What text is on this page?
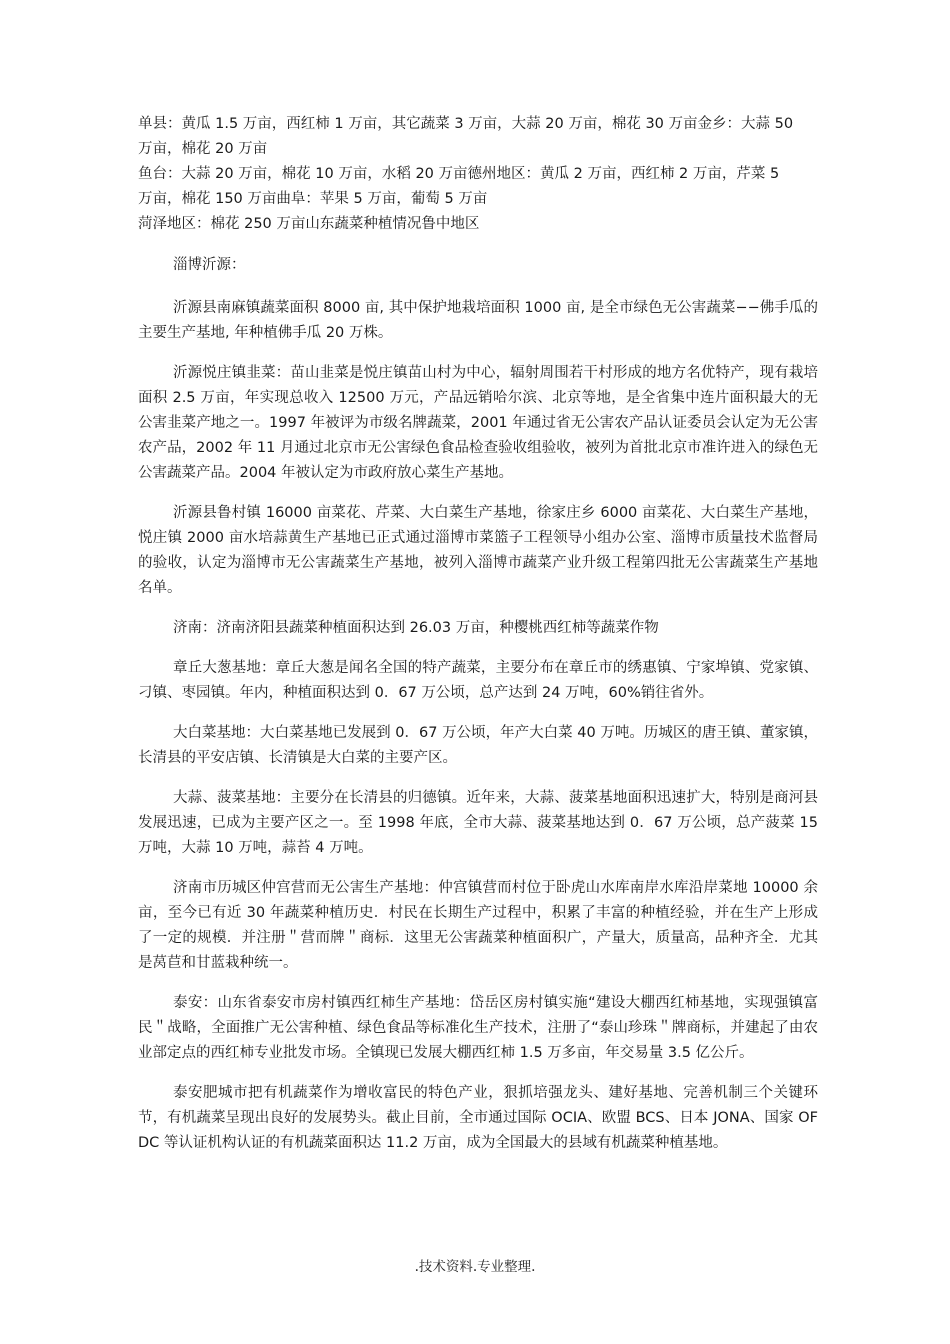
单县：黄瓜 1.5 万亩，西红柿 1 万亩，其它蔬菜 3 万亩，大蒜 20 万亩，棉花 30 万亩金乡：大蒜 50

万亩，棉花 20 万亩

鱼台：大蒜 20 万亩，棉花 10 万亩，水稻 20 万亩德州地区：黄瓜 2 万亩，西红柿 2 万亩，芹菜 5

万亩，棉花 150 万亩曲阜：苹果 5 万亩，葡萄 5 万亩

菏泽地区：棉花 250 万亩山东蔬菜种植情况鲁中地区

淄博沂源：

沂源县南麻镇蔬菜面积 8000 亩, 其中保护地栽培面积 1000 亩, 是全市绿色无公害蔬菜−−佛手瓜的主要生产基地, 年种植佛手瓜 20 万株。

沂源悦庄镇韭菜：苗山韭菜是悦庄镇苗山村为中心，辐射周围若干村形成的地方名优特产，现有栽培面积 2.5 万亩，年实现总收入 12500 万元，产品远销哈尔滨、北京等地，是全省集中连片面积最大的无公害韭菜产地之一。1997 年被评为市级名牌蔬菜，2001 年通过省无公害农产品认证委员会认定为无公害农产品，2002 年 11 月通过北京市无公害绿色食品检查验收组验收，被列为首批北京市准许进入的绿色无公害蔬菜产品。2004 年被认定为市政府放心菜生产基地。

沂源县鲁村镇 16000 亩菜花、芹菜、大白菜生产基地，徐家庄乡 6000 亩菜花、大白菜生产基地，悦庄镇 2000 亩水培蒜黄生产基地已正式通过淄博市菜篮子工程领导小组办公室、淄博市质量技术监督局的验收，认定为淄博市无公害蔬菜生产基地，被列入淄博市蔬菜产业升级工程第四批无公害蔬菜生产基地名单。

济南：济南济阳县蔬菜种植面积达到 26.03 万亩，种樱桃西红柿等蔬菜作物

章丘大葱基地：章丘大葱是闻名全国的特产蔬菜，主要分布在章丘市的绣惠镇、宁家埠镇、党家镇、刁镇、枣园镇。年内，种植面积达到 0．67 万公顷，总产达到 24 万吨，60%销往省外。

大白菜基地：大白菜基地已发展到 0．67 万公顷，年产大白菜 40 万吨。历城区的唐王镇、董家镇，长清县的平安店镇、长清镇是大白菜的主要产区。

大蒜、菠菜基地：主要分在长清县的归德镇。近年来，大蒜、菠菜基地面积迅速扩大，特别是商河县发展迅速，已成为主要产区之一。至 1998 年底，全市大蒜、菠菜基地达到 0．67 万公顷，总产菠菜 15 万吨，大蒜 10 万吨，蒜苔 4 万吨。

济南市历城区仲宫营而无公害生产基地：仲宫镇营而村位于卧虎山水库南岸水库沿岸菜地 10000 余亩，至今已有近 30 年蔬菜种植历史．村民在长期生产过程中，积累了丰富的种植经验，并在生产上形成了一定的规模．并注册＂营而牌＂商标．这里无公害蔬菜种植面积广，产量大，质量高，品种齐全．尤其是莴苣和甘蓝栽种统一。

泰安：山东省泰安市房村镇西红柿生产基地：岱岳区房村镇实施“建设大棚西红柿基地，实现强镇富民＂战略，全面推广无公害种植、绿色食品等标准化生产技术，注册了“泰山珍珠＂牌商标，并建起了由农业部定点的西红柿专业批发市场。全镇现已发展大棚西红柿 1.5 万多亩，年交易量 3.5 亿公斤。

泰安肥城市把有机蔬菜作为增收富民的特色产业，狠抓培强龙头、建好基地、完善机制三个关键环节，有机蔬菜呈现出良好的发展势头。截止目前，全市通过国际 OCIA、欧盟 BCS、日本 JONA、国家 OFDC 等认证机构认证的有机蔬菜面积达 11.2 万亩，成为全国最大的县域有机蔬菜种植基地。

.技术资料.专业整理.
